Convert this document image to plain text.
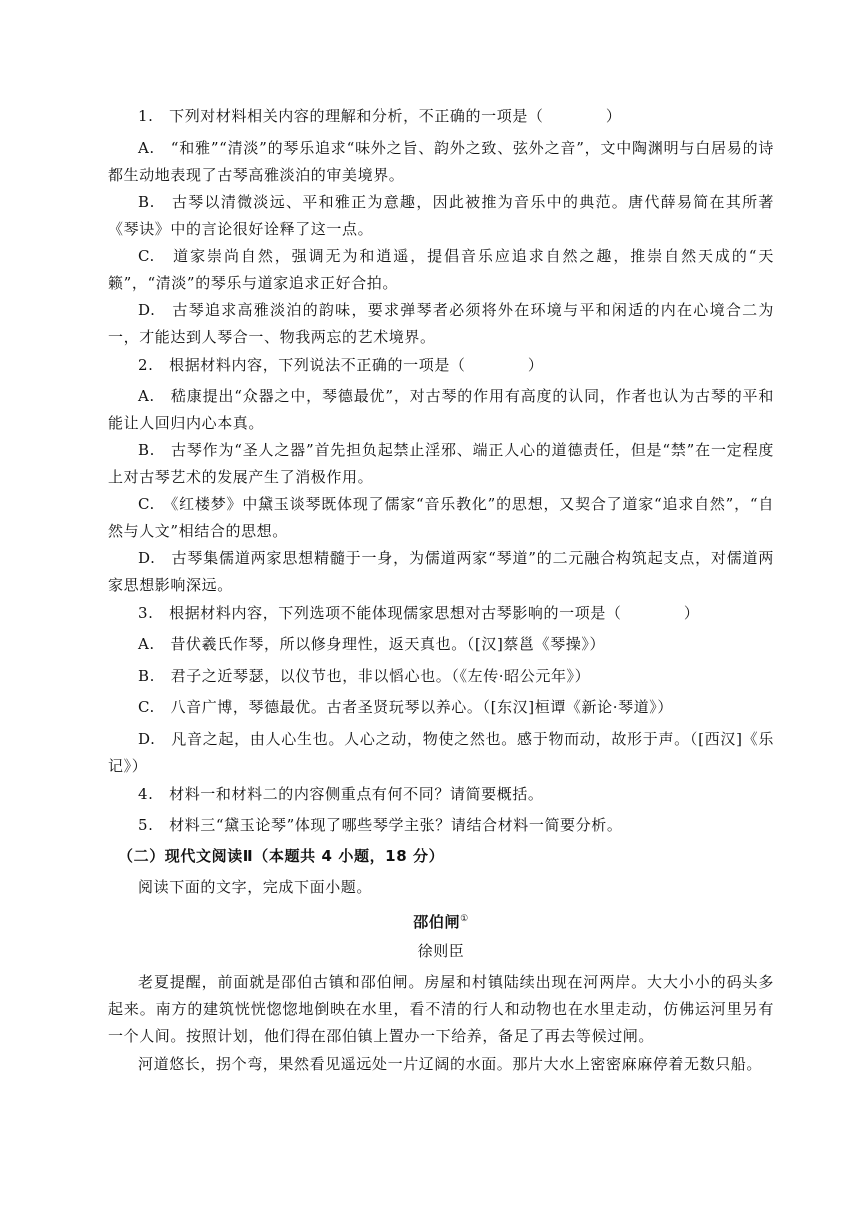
1.　下列对材料相关内容的理解和分析，不正确的一项是（　　　　）
A.　“和雅”“清淡”的琴乐追求“味外之旨、韵外之致、弦外之音”，文中陶渊明与白居易的诗都生动地表现了古琴高雅淡泊的审美境界。
B.　古琴以清微淡远、平和雅正为意趣，因此被推为音乐中的典范。唐代薛易简在其所著《琴诀》中的言论很好诠释了这一点。
C.　道家崇尚自然，强调无为和逍遥，提倡音乐应追求自然之趣，推崇自然天成的“天籁”，“清淡”的琴乐与道家追求正好合拍。
D.　古琴追求高雅淡泊的韵味，要求弹琴者必须将外在环境与平和闲适的内在心境合二为一，才能达到人琴合一、物我两忘的艺术境界。
2.　根据材料内容，下列说法不正确的一项是（　　　　）
A.　嵇康提出“众器之中，琴德最优”，对古琴的作用有高度的认同，作者也认为古琴的平和能让人回归内心本真。
B.　古琴作为“圣人之器”首先担负起禁止淫邪、端正人心的道德责任，但是“禁”在一定程度上对古琴艺术的发展产生了消极作用。
C.　《红楼梦》中黛玉谈琴既体现了儒家“音乐教化”的思想，又契合了道家“追求自然”，“自然与人文”相结合的思想。
D.　古琴集儒道两家思想精髓于一身，为儒道两家“琴道”的二元融合构筑起支点，对儒道两家思想影响深远。
3.　根据材料内容，下列选项不能体现儒家思想对古琴影响的一项是（　　　　）
A.　昔伏羲氏作琴，所以修身理性，返天真也。（[汉]蔡邕《琴操》）
B.　君子之近琴瑟，以仪节也，非以慆心也。（《左传·昭公元年》）
C.　八音广博，琴德最优。古者圣贤玩琴以养心。（[东汉]桓谭《新论·琴道》）
D.　凡音之起，由人心生也。人心之动，物使之然也。感于物而动，故形于声。（[西汉]《乐记》）
4.　材料一和材料二的内容侧重点有何不同？请简要概括。
5.　材料三“黛玉论琴”体现了哪些琴学主张？请结合材料一简要分析。
（二）现代文阅读Ⅱ（本题共 4 小题，18 分）
阅读下面的文字，完成下面小题。
邵伯闸①
徐则臣
老夏提醒，前面就是邵伯古镇和邵伯闸。房屋和村镇陆续出现在河两岸。大大小小的码头多起来。南方的建筑恍恍惚惚地倒映在水里，看不清的行人和动物也在水里走动，仿佛运河里另有一个人间。按照计划，他们得在邵伯镇上置办一下给养，备足了再去等候过闸。
河道悠长，拐个弯，果然看见遥远处一片辽阔的水面。那片大水上密密麻麻停着无数只船。
